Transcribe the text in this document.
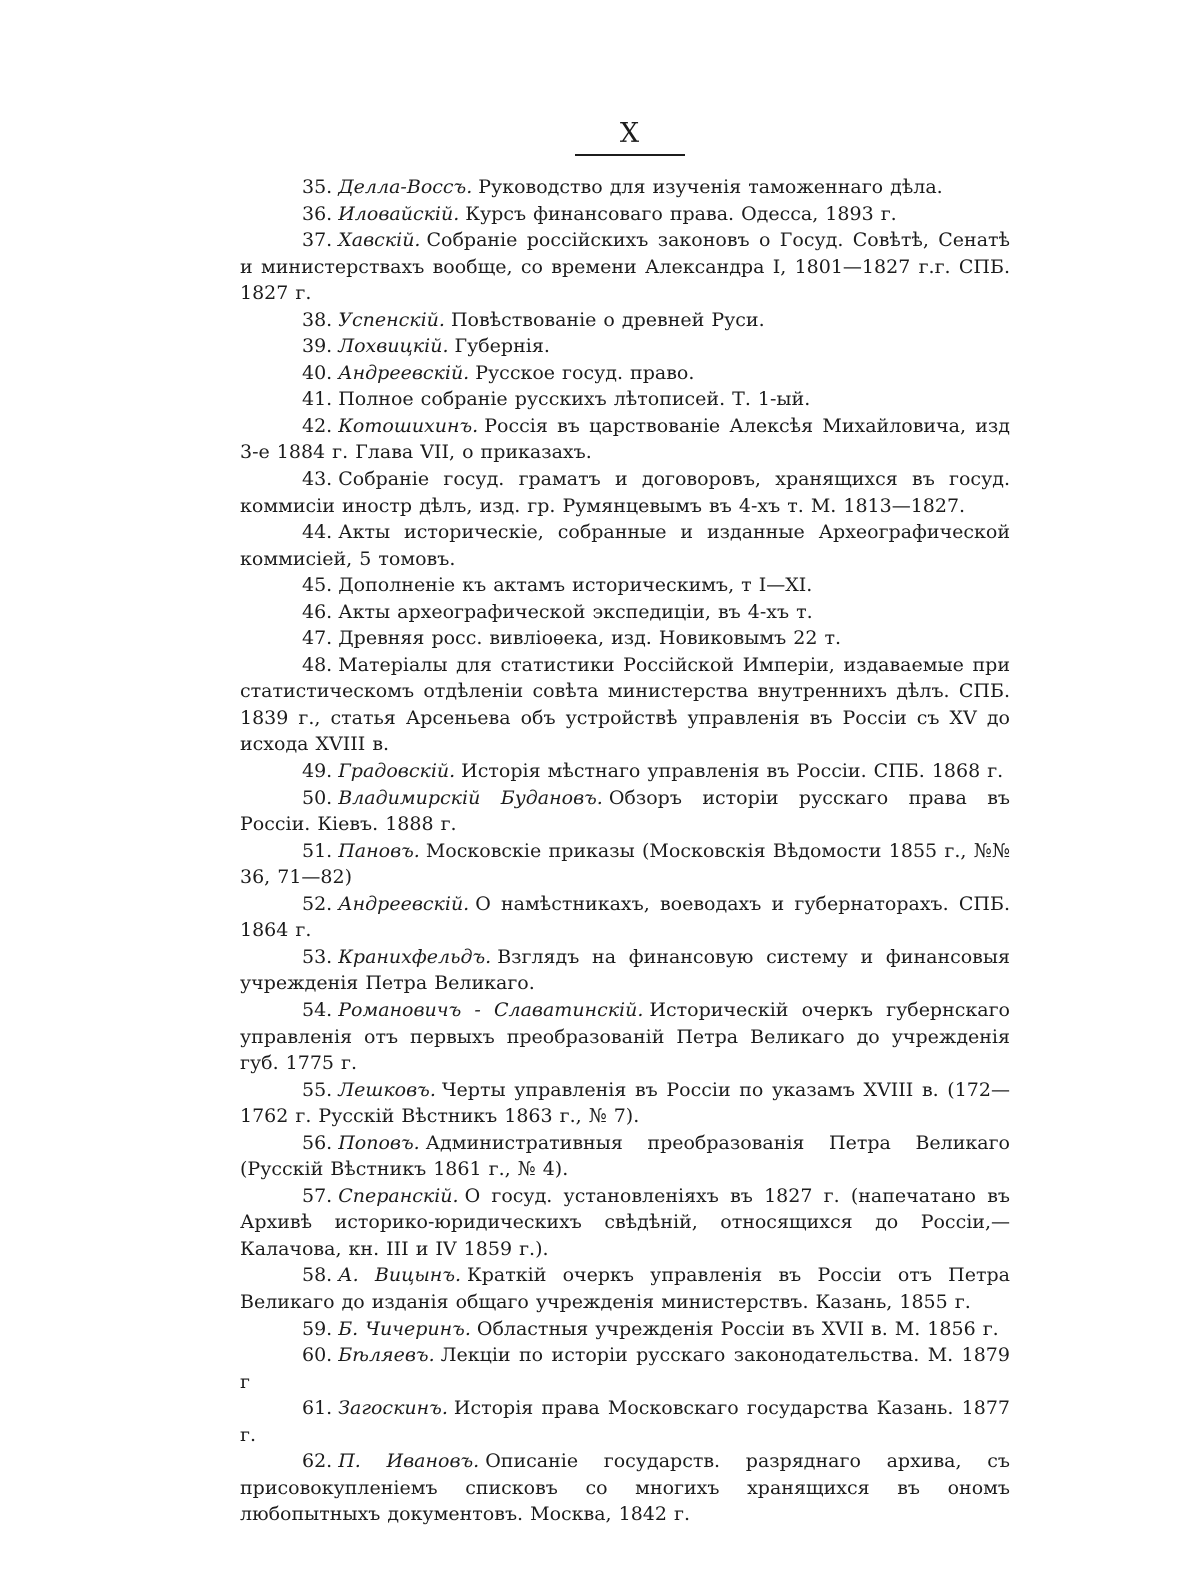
X
35. Делла-Воссъ. Руководство для изученія таможеннаго дѣла.
36. Иловайскій. Курсъ финансоваго права. Одесса, 1893 г.
37. Хавскій. Собраніе россійскихъ законовъ о Госуд. Совѣтѣ, Сенатѣ и министерствахъ вообще, со времени Александра I, 1801—1827 г.г. СПБ. 1827 г.
38. Успенскій. Повѣствованіе о древней Руси.
39. Лохвицкій. Губернія.
40. Андреевскій. Русское госуд. право.
41. Полное собраніе русскихъ лѣтописей. Т. 1-ый.
42. Котошихинъ. Россія въ царствованіе Алексѣя Михайловича, изд 3-е 1884 г. Глава VII, о приказахъ.
43. Собраніе госуд. граматъ и договоровъ, хранящихся въ госуд. коммисіи иностр дѣлъ, изд. гр. Румянцевымъ въ 4-хъ т. М. 1813—1827.
44. Акты историческіе, собранные и изданные Археографической коммисіей, 5 томовъ.
45. Дополненіе къ актамъ историческимъ, т I—XI.
46. Акты археографической экспедиціи, въ 4-хъ т.
47. Древняя росс. вивліоѳека, изд. Новиковымъ 22 т.
48. Матеріалы для статистики Россійской Имперіи, издаваемые при статистическомъ отдѣленіи совѣта министерства внутреннихъ дѣлъ. СПБ. 1839 г., статья Арсеньева объ устройствѣ управленія въ Россіи съ XV до исхода XVIII в.
49. Градовскій. Исторія мѣстнаго управленія въ Россіи. СПБ. 1868 г.
50. Владимирскій Будановъ. Обзоръ исторіи русскаго права въ Россіи. Кіевъ. 1888 г.
51. Пановъ. Московскіе приказы (Московскія Вѣдомости 1855 г., №№ 36, 71—82)
52. Андреевскій. О намѣстникахъ, воеводахъ и губернаторахъ. СПБ. 1864 г.
53. Краниxфельдъ. Взглядъ на финансовую систему и финансовыя учрежденія Петра Великаго.
54. Романовичъ - Славатинскій. Историческій очеркъ губернскаго управленія отъ первыхъ преобразованій Петра Великаго до учрежденія губ. 1775 г.
55. Лешковъ. Черты управленія въ Россіи по указамъ XVIII в. (172—1762 г. Русскій Вѣстникъ 1863 г., № 7).
56. Поповъ. Административныя преобразованія Петра Великаго (Русскій Вѣстникъ 1861 г., № 4).
57. Сперанскій. О госуд. установленіяхъ въ 1827 г. (напечатано въ Архивѣ историко-юридическихъ свѣдѣній, относящихся до Россіи,—Калачова, кн. III и IV 1859 г.).
58. А. Вицынъ. Краткій очеркъ управленія въ Россіи отъ Петра Великаго до изданія общаго учрежденія министерствъ. Казань, 1855 г.
59. Б. Чичеринъ. Областныя учрежденія Россіи въ XVII в. М. 1856 г.
60. Бѣляевъ. Лекціи по исторіи русскаго законодательства. М. 1879 г
61. Загоскинъ. Исторія права Московскаго государства Казань. 1877 г.
62. П. Ивановъ. Описаніе государств. разряднаго архива, съ присовокупленіемъ списковъ со многихъ хранящихся въ ономъ любопытныхъ документовъ. Москва, 1842 г.
